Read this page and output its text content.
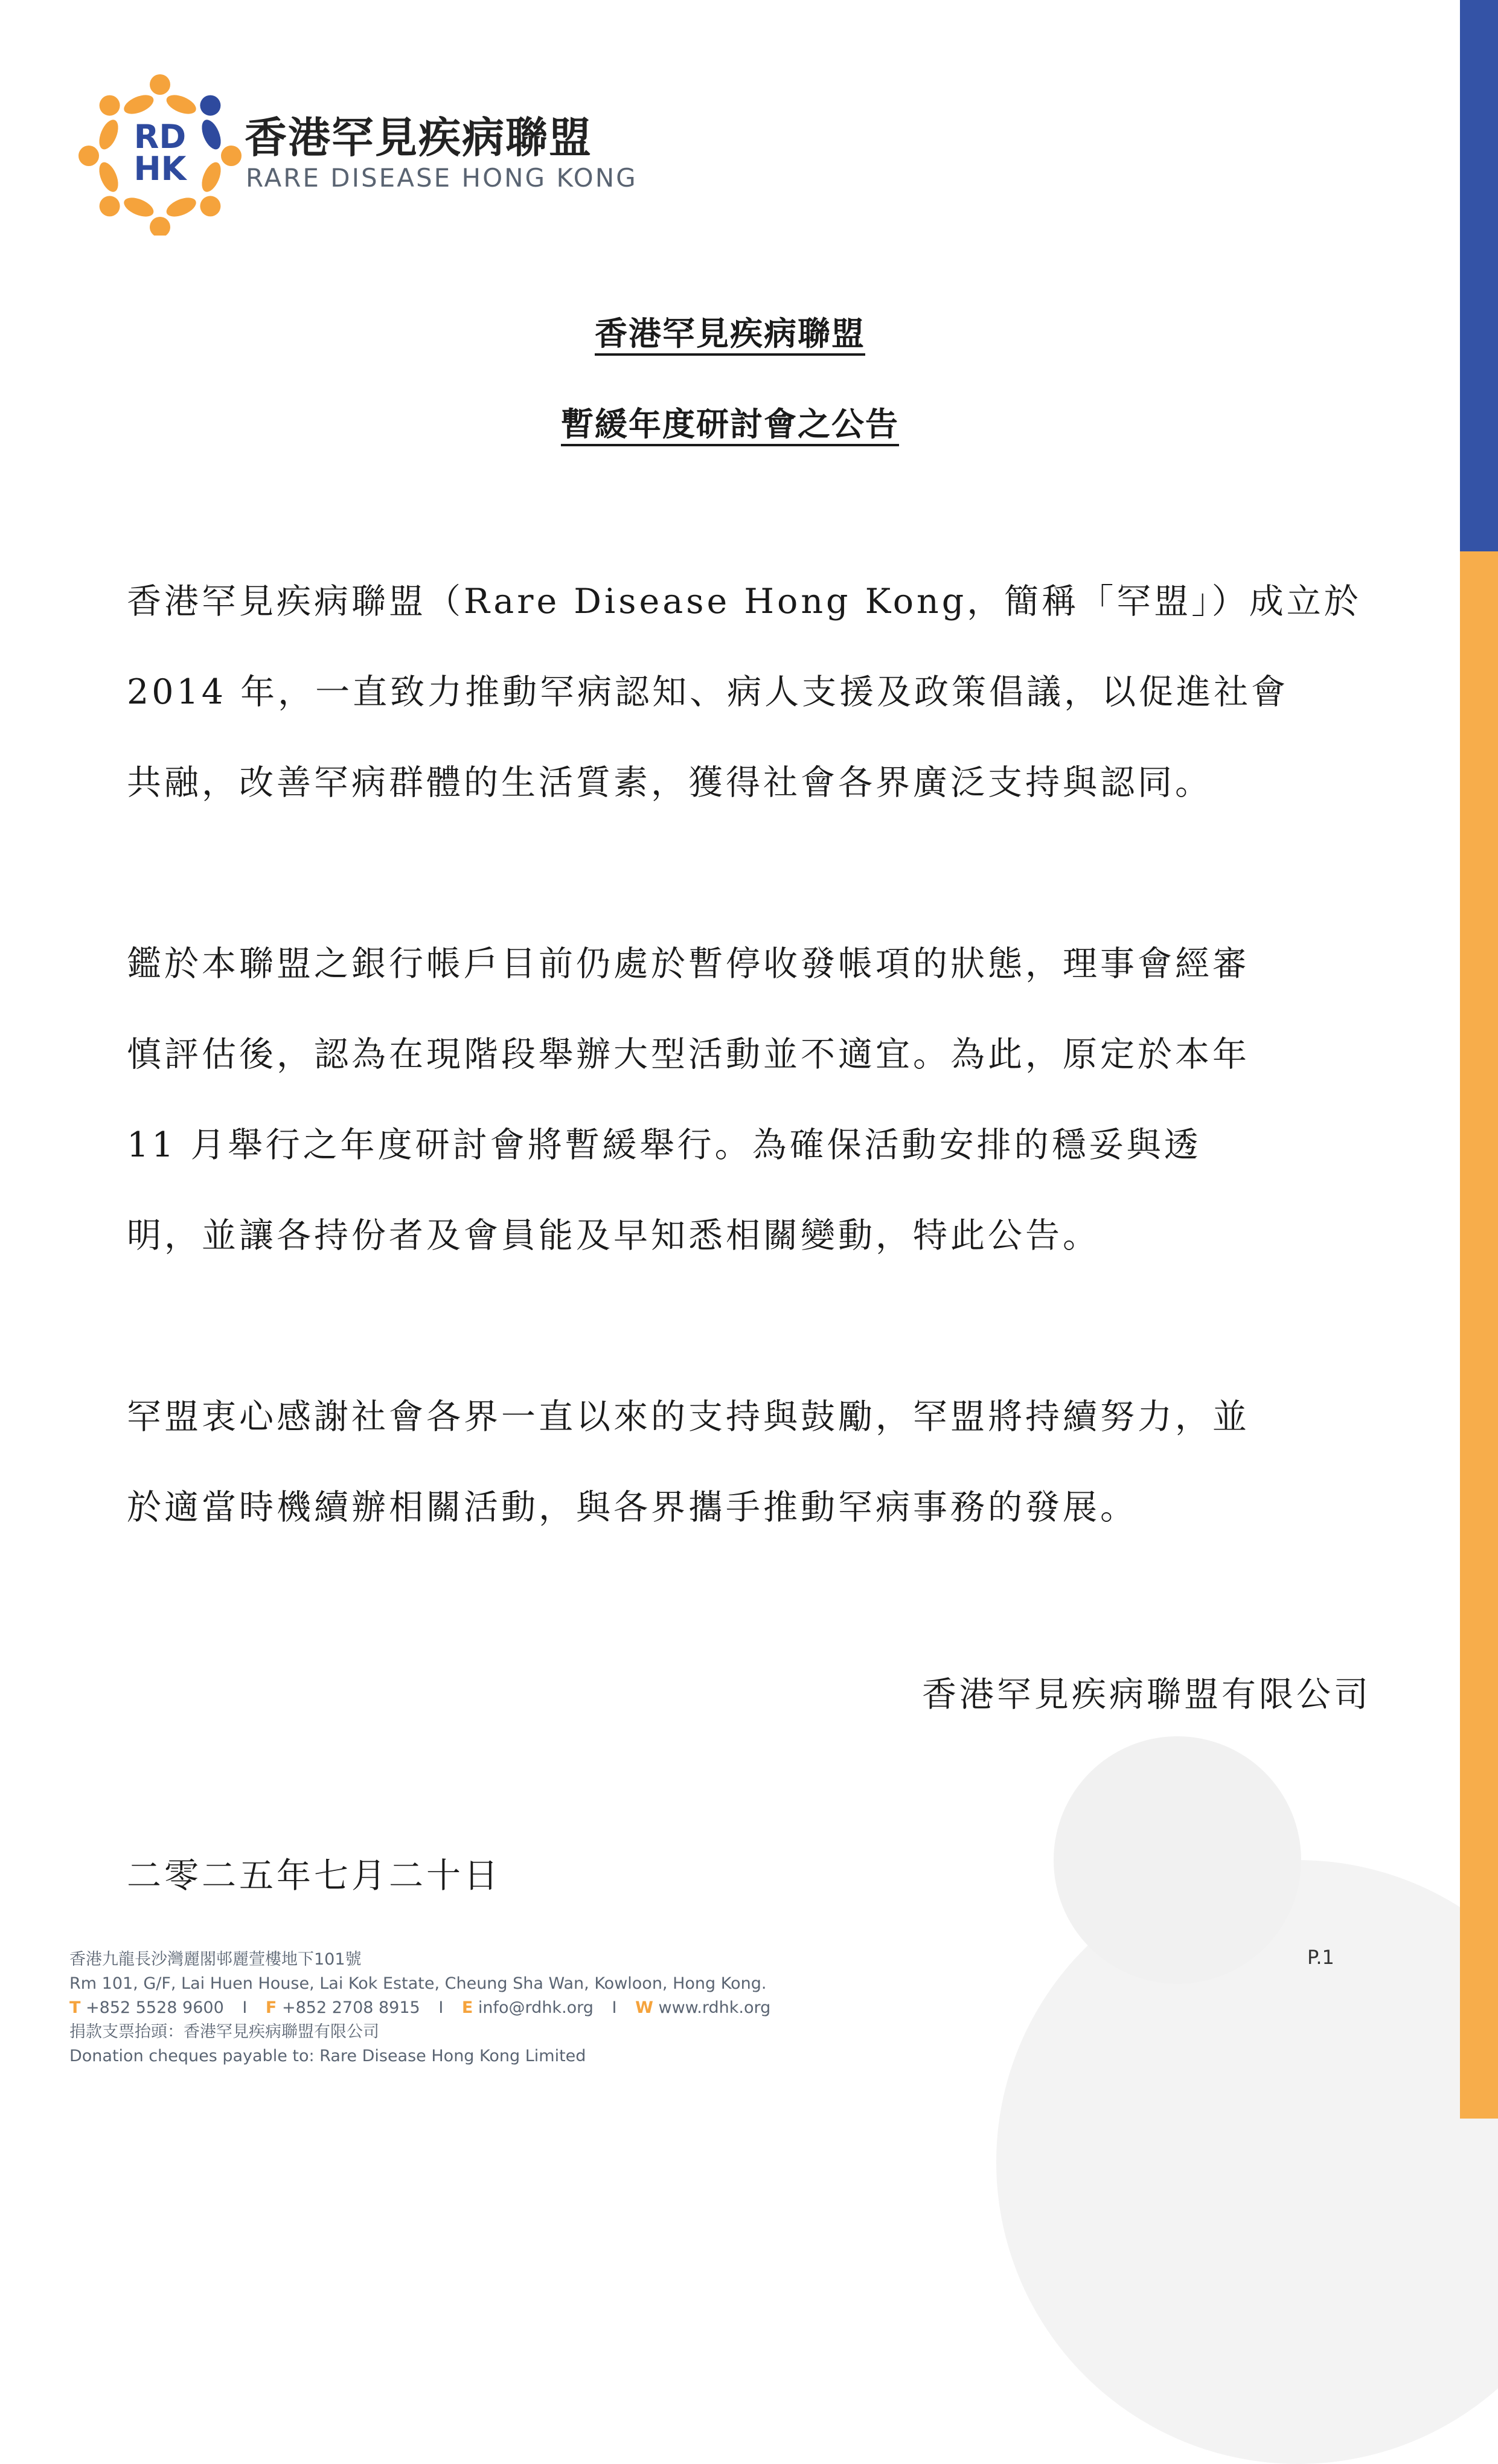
RD
HK
香港罕見疾病聯盟
RARE DISEASE HONG KONG
香港罕見疾病聯盟
暫緩年度研討會之公告
香港罕見疾病聯盟（Rare Disease Hong Kong，簡稱「罕盟」）成立於
2014 年，一直致力推動罕病認知、病人支援及政策倡議，以促進社會
共融，改善罕病群體的生活質素，獲得社會各界廣泛支持與認同。
鑑於本聯盟之銀行帳戶目前仍處於暫停收發帳項的狀態，理事會經審
慎評估後，認為在現階段舉辦大型活動並不適宜。為此，原定於本年
11 月舉行之年度研討會將暫緩舉行。為確保活動安排的穩妥與透
明，並讓各持份者及會員能及早知悉相關變動，特此公告。
罕盟衷心感謝社會各界一直以來的支持與鼓勵，罕盟將持續努力，並
於適當時機續辦相關活動，與各界攜手推動罕病事務的發展。
香港罕見疾病聯盟有限公司
二零二五年七月二十日
香港九龍長沙灣麗閣邨麗萱樓地下101號
Rm 101, G/F, Lai Huen House, Lai Kok Estate, Cheung Sha Wan, Kowloon, Hong Kong.
T +852 5528 9600 I F +852 2708 8915 I E info@rdhk.org I W www.rdhk.org
捐款支票抬頭：香港罕見疾病聯盟有限公司
Donation cheques payable to: Rare Disease Hong Kong Limited
P.1
